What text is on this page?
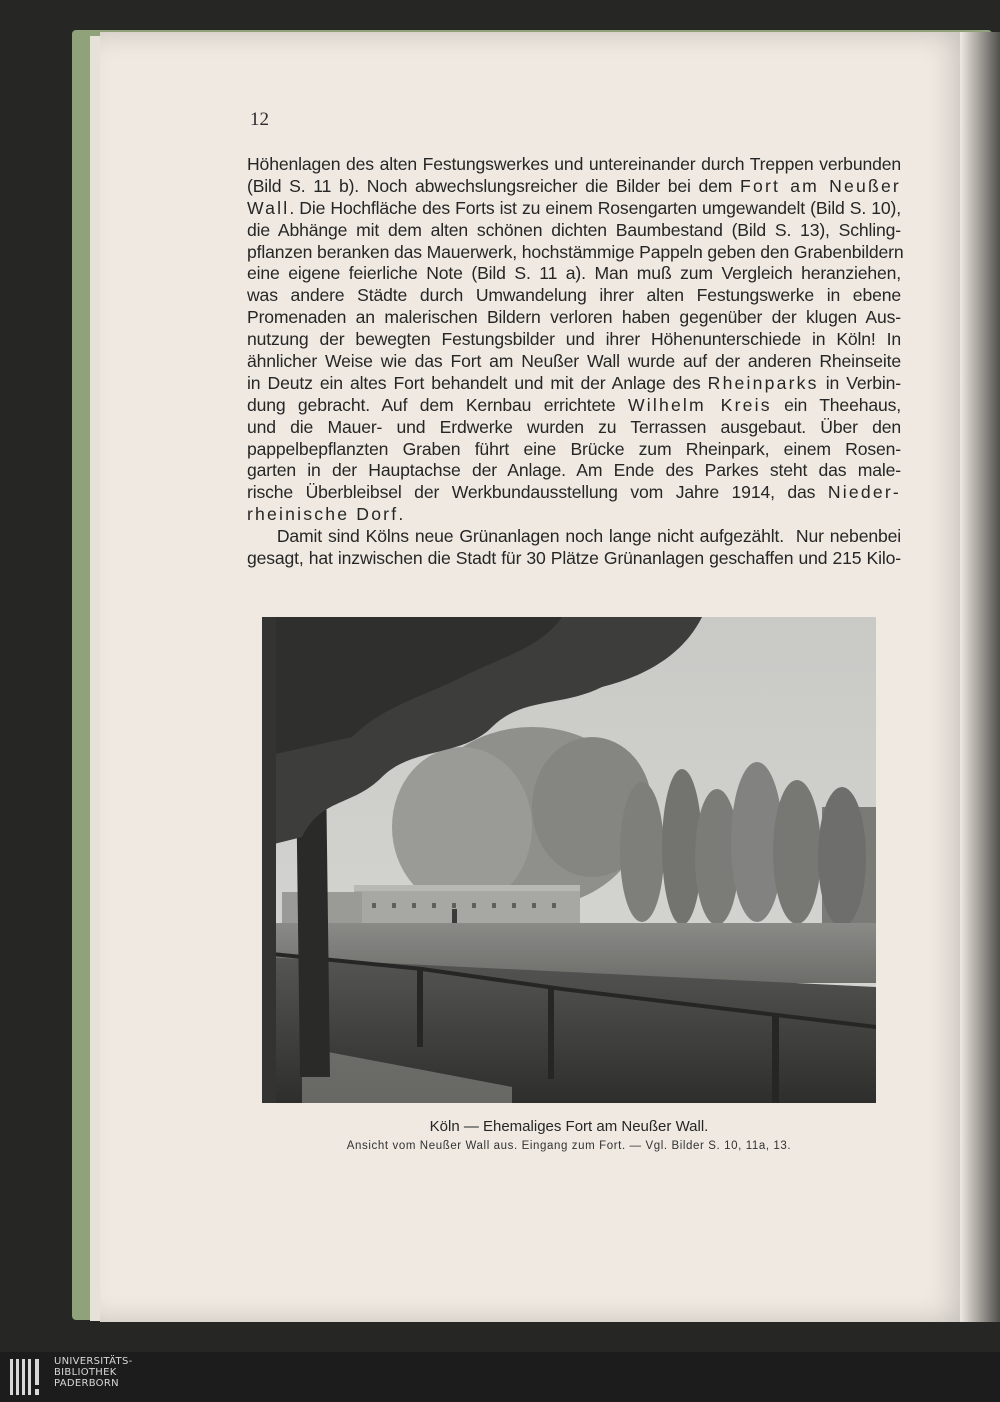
12
Höhenlagen des alten Festungswerkes und untereinander durch Treppen verbunden
(Bild S. 11 b). Noch abwechslungsreicher die Bilder bei dem Fort am Neußer
Wall. Die Hochfläche des Forts ist zu einem Rosengarten umgewandelt (Bild S. 10),
die Abhänge mit dem alten schönen dichten Baumbestand (Bild S. 13), Schling-
pflanzen beranken das Mauerwerk, hochstämmige Pappeln geben den Grabenbildern
eine eigene feierliche Note (Bild S. 11 a). Man muß zum Vergleich heranziehen,
was andere Städte durch Umwandelung ihrer alten Festungswerke in ebene
Promenaden an malerischen Bildern verloren haben gegenüber der klugen Aus-
nutzung der bewegten Festungsbilder und ihrer Höhenunterschiede in Köln! In
ähnlicher Weise wie das Fort am Neußer Wall wurde auf der anderen Rheinseite
in Deutz ein altes Fort behandelt und mit der Anlage des Rheinparks in Verbin-
dung gebracht. Auf dem Kernbau errichtete Wilhelm Kreis ein Theehaus,
und die Mauer- und Erdwerke wurden zu Terrassen ausgebaut. Über den
pappelbepflanzten Graben führt eine Brücke zum Rheinpark, einem Rosen-
garten in der Hauptachse der Anlage. Am Ende des Parkes steht das male-
rische Überbleibsel der Werkbundausstellung vom Jahre 1914, das Nieder-
rheinische Dorf.
Damit sind Kölns neue Grünanlagen noch lange nicht aufgezählt.  Nur nebenbei
gesagt, hat inzwischen die Stadt für 30 Plätze Grünanlagen geschaffen und 215 Kilo-
Köln — Ehemaliges Fort am Neußer Wall.
Ansicht vom Neußer Wall aus. Eingang zum Fort. — Vgl. Bilder S. 10, 11a, 13.
UNIVERSITÄTS-
BIBLIOTHEK
PADERBORN
